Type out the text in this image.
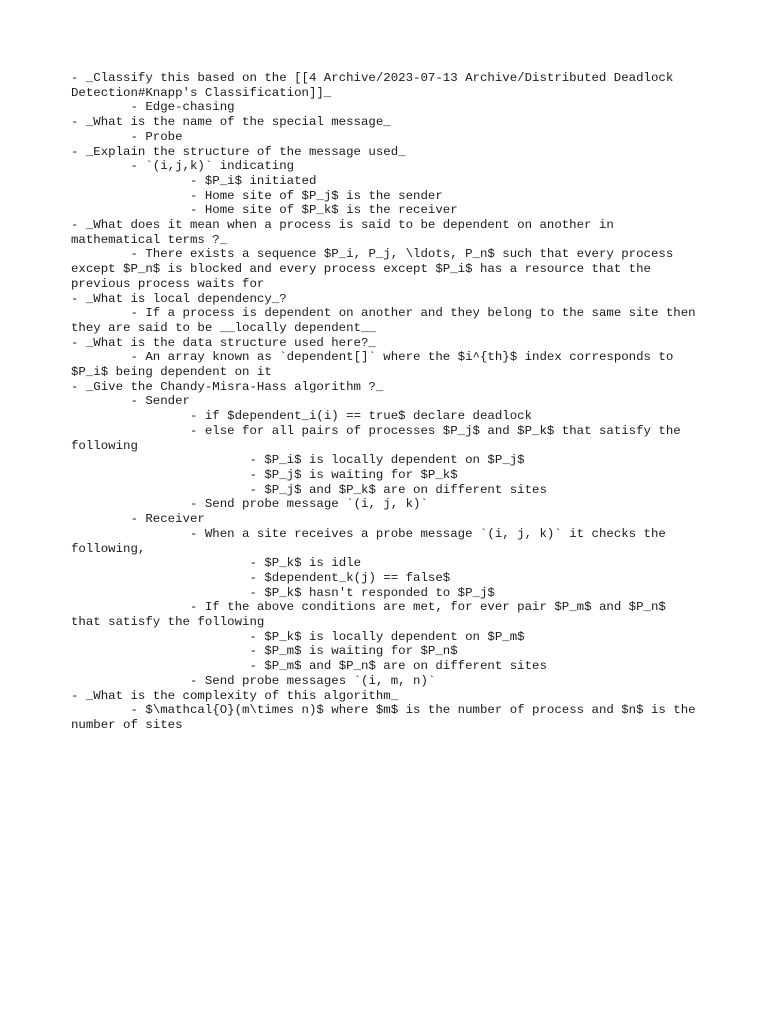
- _Classify this based on the [[4 Archive/2023-07-13 Archive/Distributed Deadlock Detection#Knapp's Classification]]_

	- Edge-chasing

- _What is the name of the special message_

	- Probe

- _Explain the structure of the message used_

	- `(i,j,k)` indicating

		- $P_i$ initiated

		- Home site of $P_j$ is the sender

		- Home site of $P_k$ is the receiver

- _What does it mean when a process is said to be dependent on another in mathematical terms ?_

	- There exists a sequence $P_i, P_j, \ldots, P_n$ such that every process except $P_n$ is blocked and every process except $P_i$ has a resource that the previous process waits for

- _What is local dependency_?

	- If a process is dependent on another and they belong to the same site then they are said to be __locally dependent__

- _What is the data structure used here?_

	- An array known as `dependent[]` where the $i^{th}$ index corresponds to $P_i$ being dependent on it

- _Give the Chandy-Misra-Hass algorithm ?_

	- Sender

		- if $dependent_i(i) == true$ declare deadlock

		- else for all pairs of processes $P_j$ and $P_k$ that satisfy the following

			- $P_i$ is locally dependent on $P_j$

			- $P_j$ is waiting for $P_k$

			- $P_j$ and $P_k$ are on different sites

		- Send probe message `(i, j, k)`

	- Receiver

		- When a site receives a probe message `(i, j, k)` it checks the following,

			- $P_k$ is idle

			- $dependent_k(j) == false$

			- $P_k$ hasn't responded to $P_j$

		- If the above conditions are met, for ever pair $P_m$ and $P_n$ that satisfy the following

			- $P_k$ is locally dependent on $P_m$

			- $P_m$ is waiting for $P_n$

			- $P_m$ and $P_n$ are on different sites

		- Send probe messages `(i, m, n)`

- _What is the complexity of this algorithm_

	- $\mathcal{O}(m\times n)$ where $m$ is the number of process and $n$ is the number of sites
